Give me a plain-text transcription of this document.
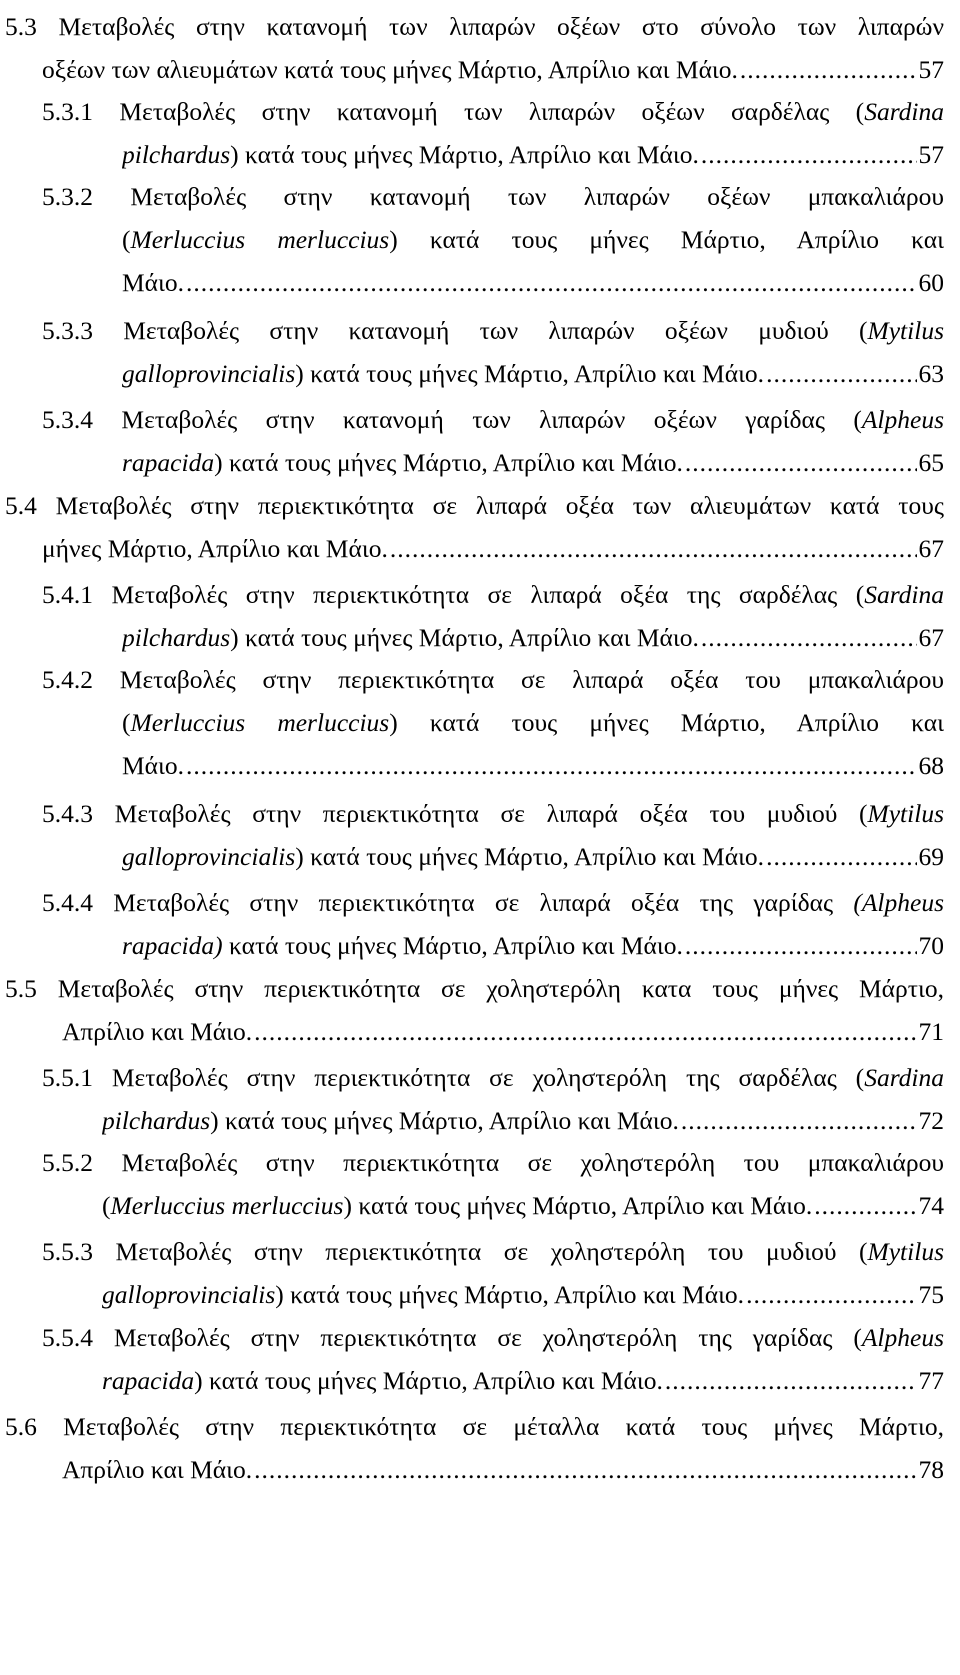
5.3 Μεταβολές στην κατανομή των λιπαρών οξέων στο σύνολο των λιπαρών
οξέων των αλιευμάτων κατά τους μήνες Μάρτιο, Απρίλιο και Μάιο. .....	57
5.3.1 Μεταβολές στην κατανομή των λιπαρών οξέων σαρδέλας (Sardina
pilchardus) κατά τους μήνες Μάρτιο, Απρίλιο και Μάιο. .....	57
5.3.2 Μεταβολές στην κατανομή των λιπαρών οξέων μπακαλιάρου
(Merluccius merluccius) κατά τους μήνες Μάρτιο, Απρίλιο και
Μάιο. .....	60
5.3.3 Μεταβολές στην κατανομή των λιπαρών οξέων μυδιού (Mytilus
galloprovincialis) κατά τους μήνες Μάρτιο, Απρίλιο και Μάιο. .....	63
5.3.4 Μεταβολές στην κατανομή των λιπαρών οξέων γαρίδας (Alpheus
rapacida) κατά τους μήνες Μάρτιο, Απρίλιο και Μάιο. .....	65
5.4 Μεταβολές στην περιεκτικότητα σε λιπαρά οξέα των αλιευμάτων κατά τους
μήνες Μάρτιο, Απρίλιο και Μάιο. .....	67
5.4.1 Μεταβολές στην περιεκτικότητα σε λιπαρά οξέα της σαρδέλας (Sardina
pilchardus) κατά τους μήνες Μάρτιο, Απρίλιο και Μάιο. .....	67
5.4.2 Μεταβολές στην περιεκτικότητα σε λιπαρά οξέα του μπακαλιάρου
(Merluccius merluccius) κατά τους μήνες Μάρτιο, Απρίλιο και
Μάιο. .....	68
5.4.3 Μεταβολές στην περιεκτικότητα σε λιπαρά οξέα του μυδιού (Mytilus
galloprovincialis) κατά τους μήνες Μάρτιο, Απρίλιο και Μάιο. .....	69
5.4.4 Μεταβολές στην περιεκτικότητα σε λιπαρά οξέα της γαρίδας (Alpheus
rapacida) κατά τους μήνες Μάρτιο, Απρίλιο και Μάιο. .....	70
5.5 Μεταβολές στην περιεκτικότητα σε χοληστερόλη κατα τους μήνες Μάρτιο,
Απρίλιο και Μάιο. .....	71
5.5.1 Μεταβολές στην περιεκτικότητα σε χοληστερόλη της σαρδέλας (Sardina
pilchardus) κατά τους μήνες Μάρτιο, Απρίλιο και Μάιο. .....	72
5.5.2 Μεταβολές στην περιεκτικότητα σε χοληστερόλη του μπακαλιάρου
(Merluccius merluccius) κατά τους μήνες Μάρτιο, Απρίλιο και Μάιο. .....	74
5.5.3 Μεταβολές στην περιεκτικότητα σε χοληστερόλη του μυδιού (Mytilus
galloprovincialis) κατά τους μήνες Μάρτιο, Απρίλιο και Μάιο. .....	75
5.5.4 Μεταβολές στην περιεκτικότητα σε χοληστερόλη της γαρίδας (Alpheus
rapacida) κατά τους μήνες Μάρτιο, Απρίλιο και Μάιο. .....	77
5.6 Μεταβολές στην περιεκτικότητα σε μέταλλα κατά τους μήνες Μάρτιο,
Απρίλιο και Μάιο. .....	78
